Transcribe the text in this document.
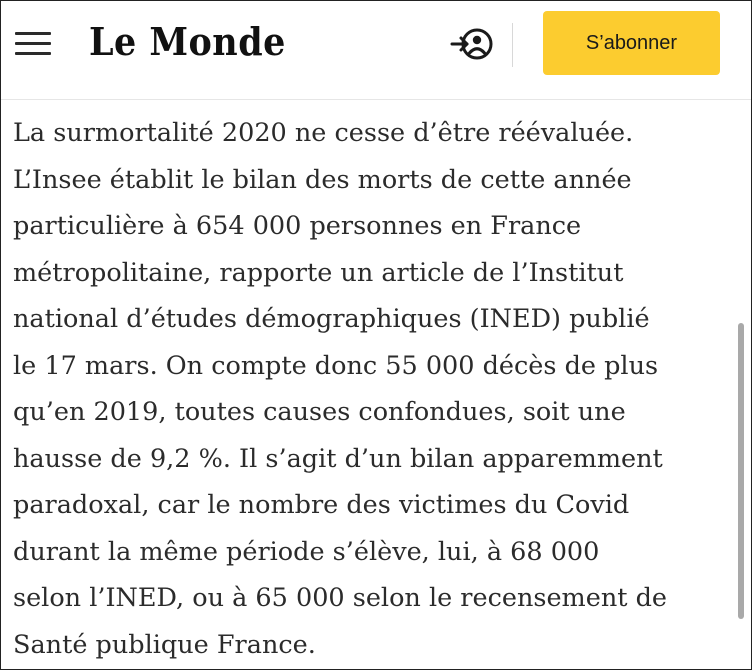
Le Monde	S’abonner

La surmortalité 2020 ne cesse d’être réévaluée.
L’Insee établit le bilan des morts de cette année
particulière à 654 000 personnes en France
métropolitaine, rapporte un article de l’Institut
national d’études démographiques (INED) publié
le 17 mars. On compte donc 55 000 décès de plus
qu’en 2019, toutes causes confondues, soit une
hausse de 9,2 %. Il s’agit d’un bilan apparemment
paradoxal, car le nombre des victimes du Covid
durant la même période s’élève, lui, à 68 000
selon l’INED, ou à 65 000 selon le recensement de
Santé publique France.
